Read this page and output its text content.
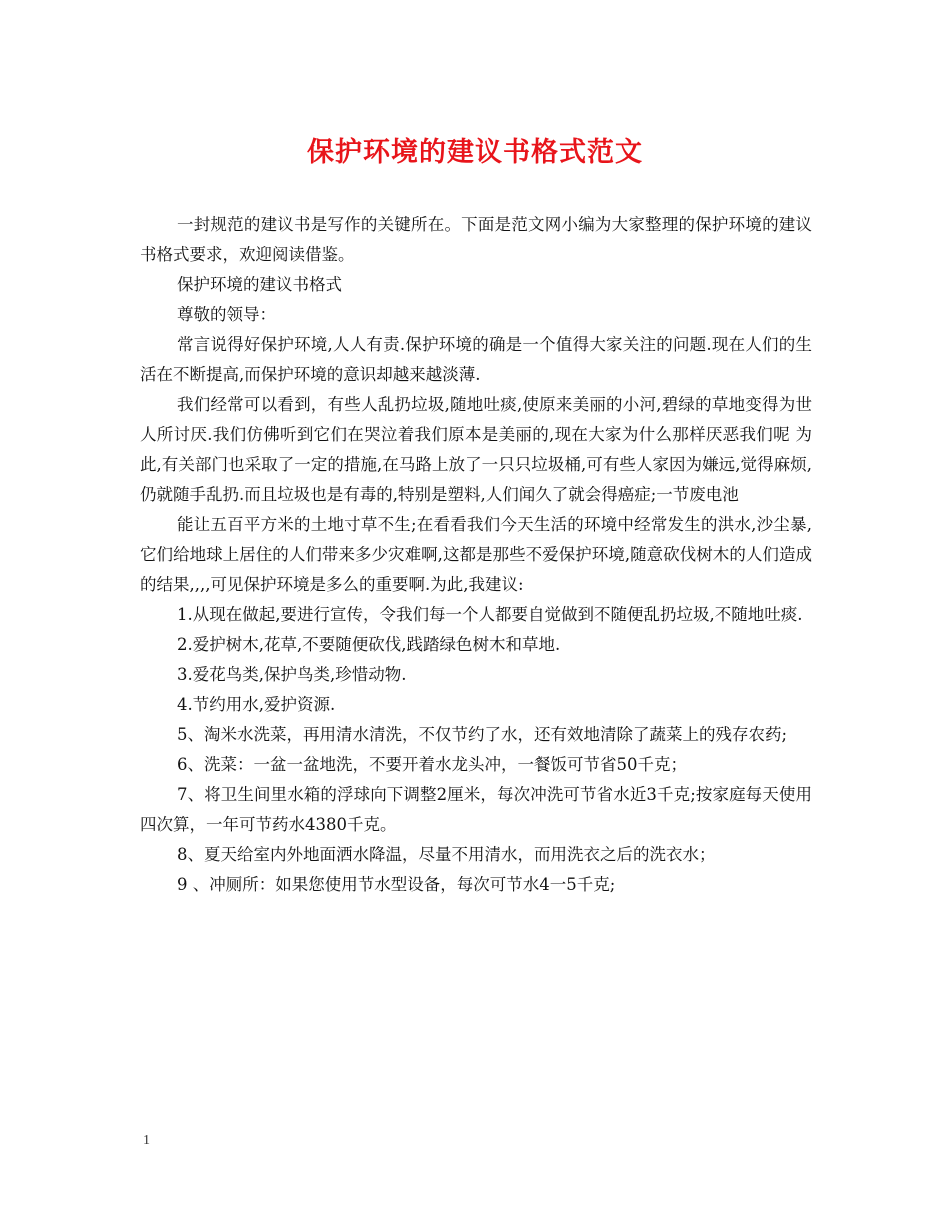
保护环境的建议书格式范文

一封规范的建议书是写作的关键所在。下面是范文网小编为大家整理的保护环境的建议书格式要求，欢迎阅读借鉴。

保护环境的建议书格式

尊敬的领导：

常言说得好保护环境,人人有责.保护环境的确是一个值得大家关注的问题.现在人们的生活在不断提高,而保护环境的意识却越来越淡薄.

我们经常可以看到，有些人乱扔垃圾,随地吐痰,使原来美丽的小河,碧绿的草地变得为世人所讨厌.我们仿佛听到它们在哭泣着我们原本是美丽的,现在大家为什么那样厌恶我们呢 为此,有关部门也采取了一定的措施,在马路上放了一只只垃圾桶,可有些人家因为嫌远,觉得麻烦,仍就随手乱扔.而且垃圾也是有毒的,特别是塑料,人们闻久了就会得癌症;一节废电池

能让五百平方米的土地寸草不生;在看看我们今天生活的环境中经常发生的洪水,沙尘暴,它们给地球上居住的人们带来多少灾难啊,这都是那些不爱保护环境,随意砍伐树木的人们造成的结果,,,,可见保护环境是多么的重要啊.为此,我建议:

1.从现在做起,要进行宣传，令我们每一个人都要自觉做到不随便乱扔垃圾,不随地吐痰.

2.爱护树木,花草,不要随便砍伐,践踏绿色树木和草地.

3.爱花鸟类,保护鸟类,珍惜动物.

4.节约用水,爱护资源.

5、淘米水洗菜，再用清水清洗，不仅节约了水，还有效地清除了蔬菜上的残存农药;

6、洗菜：一盆一盆地洗，不要开着水龙头冲，一餐饭可节省50千克；

7、将卫生间里水箱的浮球向下调整2厘米，每次冲洗可节省水近3千克;按家庭每天使用四次算，一年可节药水4380千克。

8、夏天给室内外地面洒水降温，尽量不用清水，而用洗衣之后的洗衣水；

9 、冲厕所：如果您使用节水型设备，每次可节水4一5千克;

1
